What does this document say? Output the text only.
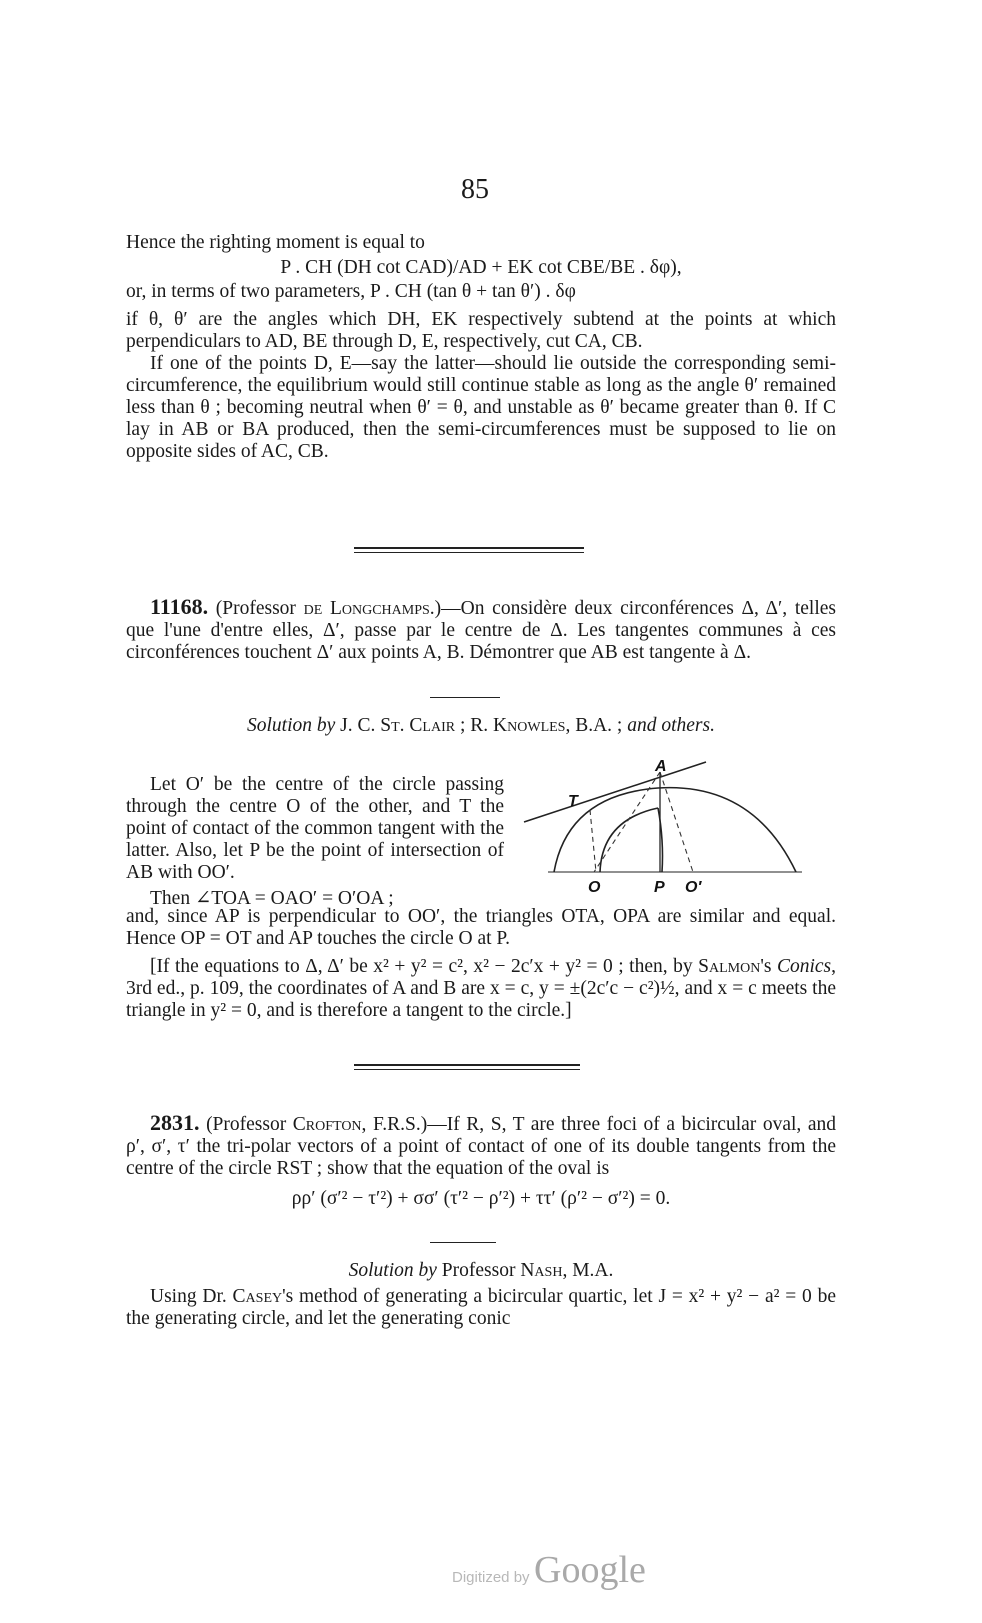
85

Hence the righting moment is equal to

P . CH (DH cot CAD)/AD + EK cot CBE/BE . δφ),

or, in terms of two parameters, P . CH (tan θ + tan θ′) . δφ

if θ, θ′ are the angles which DH, EK respectively subtend at the points at which perpendiculars to AD, BE through D, E, respectively, cut CA, CB.

If one of the points D, E—say the latter—should lie outside the corresponding semi-circumference, the equilibrium would still continue stable as long as the angle θ′ remained less than θ ; becoming neutral when θ′ = θ, and unstable as θ′ became greater than θ. If C lay in AB or BA produced, then the semi-circumferences must be supposed to lie on opposite sides of AC, CB.

11168. (Professor de Longchamps.)—On considère deux circonférences Δ, Δ′, telles que l'une d'entre elles, Δ′, passe par le centre de Δ. Les tangentes communes à ces circonférences touchent Δ′ aux points A, B. Démontrer que AB est tangente à Δ.

Solution by J. C. St. Clair ; R. Knowles, B.A. ; and others.

Let O′ be the centre of the circle passing through the centre O of the other, and T the point of contact of the common tangent with the latter. Also, let P be the point of intersection of AB with OO′.

Then ∠TOA = OAO′ = O′OA ;

A
T
O	P O′

and, since AP is perpendicular to OO′, the triangles OTA, OPA are similar and equal. Hence OP = OT and AP touches the circle O at P.

[If the equations to Δ, Δ′ be x² + y² = c², x² − 2c′x + y² = 0 ; then, by Salmon's Conics, 3rd ed., p. 109, the coordinates of A and B are x = c, y = ±(2c′c − c²)½, and x = c meets the triangle in y² = 0, and is therefore a tangent to the circle.]

2831. (Professor Crofton, F.R.S.)—If R, S, T are three foci of a bicircular oval, and ρ′, σ′, τ′ the tri-polar vectors of a point of contact of one of its double tangents from the centre of the circle RST ; show that the equation of the oval is

ρρ′ (σ′² − τ′²) + σσ′ (τ′² − ρ′²) + ττ′ (ρ′² − σ′²) = 0.

Solution by Professor Nash, M.A.

Using Dr. Casey's method of generating a bicircular quartic, let J = x² + y² − a² = 0 be the generating circle, and let the generating conic

Digitized by Google
